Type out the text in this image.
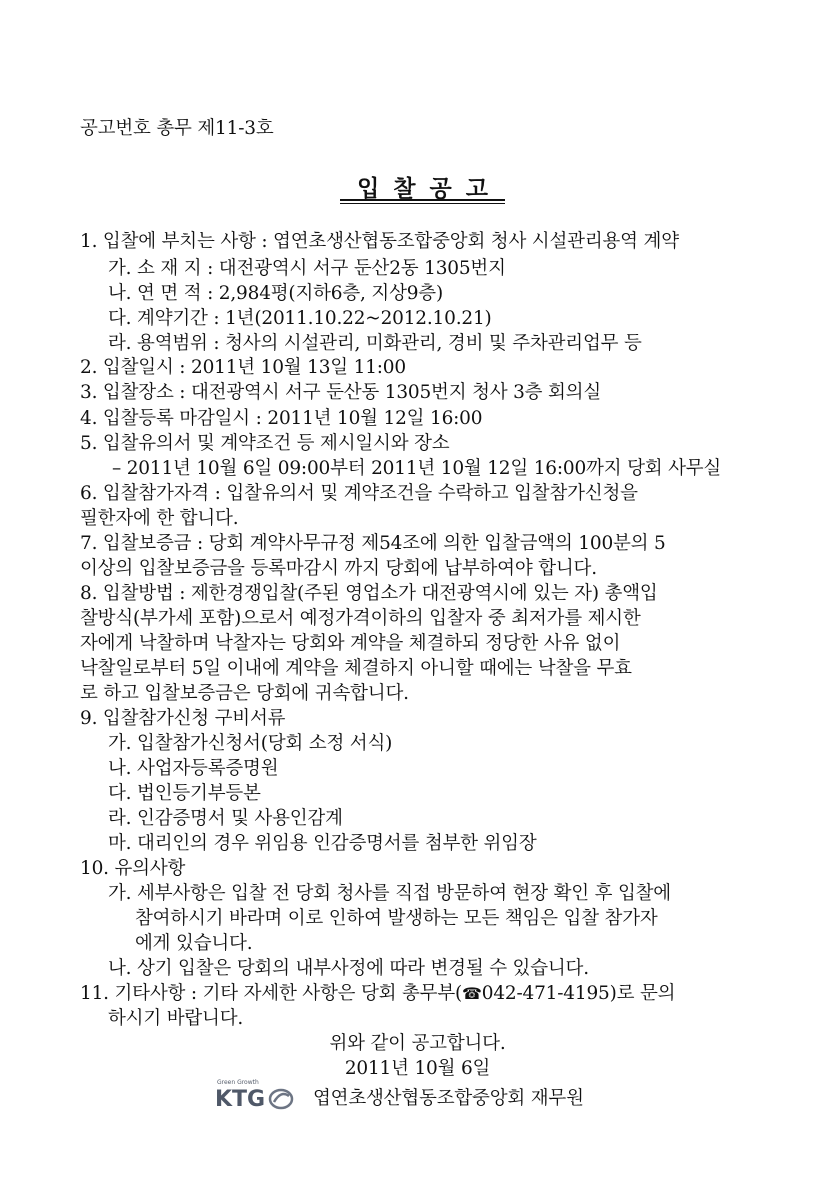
공고번호 총무 제11-3호
입찰공고
1. 입찰에 부치는 사항 : 엽연초생산협동조합중앙회 청사 시설관리용역 계약
가. 소 재 지 : 대전광역시 서구 둔산2동 1305번지
나. 연 면 적 : 2,984평(지하6층, 지상9층)
다. 계약기간 : 1년(2011.10.22~2012.10.21)
라. 용역범위 : 청사의 시설관리, 미화관리, 경비 및 주차관리업무 등
2. 입찰일시 : 2011년 10월 13일 11:00
3. 입찰장소 : 대전광역시 서구 둔산동 1305번지 청사 3층 회의실
4. 입찰등록 마감일시 : 2011년 10월 12일 16:00
5. 입찰유의서 및 계약조건 등 제시일시와 장소
– 2011년 10월 6일 09:00부터 2011년 10월 12일 16:00까지 당회 사무실
6. 입찰참가자격 : 입찰유의서 및 계약조건을 수락하고 입찰참가신청을
필한자에 한 합니다.
7. 입찰보증금 : 당회 계약사무규정 제54조에 의한 입찰금액의 100분의 5
이상의 입찰보증금을 등록마감시 까지 당회에 납부하여야 합니다.
8. 입찰방법 : 제한경쟁입찰(주된 영업소가 대전광역시에 있는 자) 총액입
찰방식(부가세 포함)으로서 예정가격이하의 입찰자 중 최저가를 제시한
자에게 낙찰하며 낙찰자는 당회와 계약을 체결하되 정당한 사유 없이
낙찰일로부터 5일 이내에 계약을 체결하지 아니할 때에는 낙찰을 무효
로 하고 입찰보증금은 당회에 귀속합니다.
9. 입찰참가신청 구비서류
가. 입찰참가신청서(당회 소정 서식)
나. 사업자등록증명원
다. 법인등기부등본
라. 인감증명서 및 사용인감계
마. 대리인의 경우 위임용 인감증명서를 첨부한 위임장
10. 유의사항
가. 세부사항은 입찰 전 당회 청사를 직접 방문하여 현장 확인 후 입찰에
참여하시기 바라며 이로 인하여 발생하는 모든 책임은 입찰 참가자
에게 있습니다.
나. 상기 입찰은 당회의 내부사정에 따라 변경될 수 있습니다.
11. 기타사항 : 기타 자세한 사항은 당회 총무부(☎042-471-4195)로 문의
하시기 바랍니다.
위와 같이 공고합니다.
2011년 10월 6일
Green Growth
KTG	엽연초생산협동조합중앙회 재무원
